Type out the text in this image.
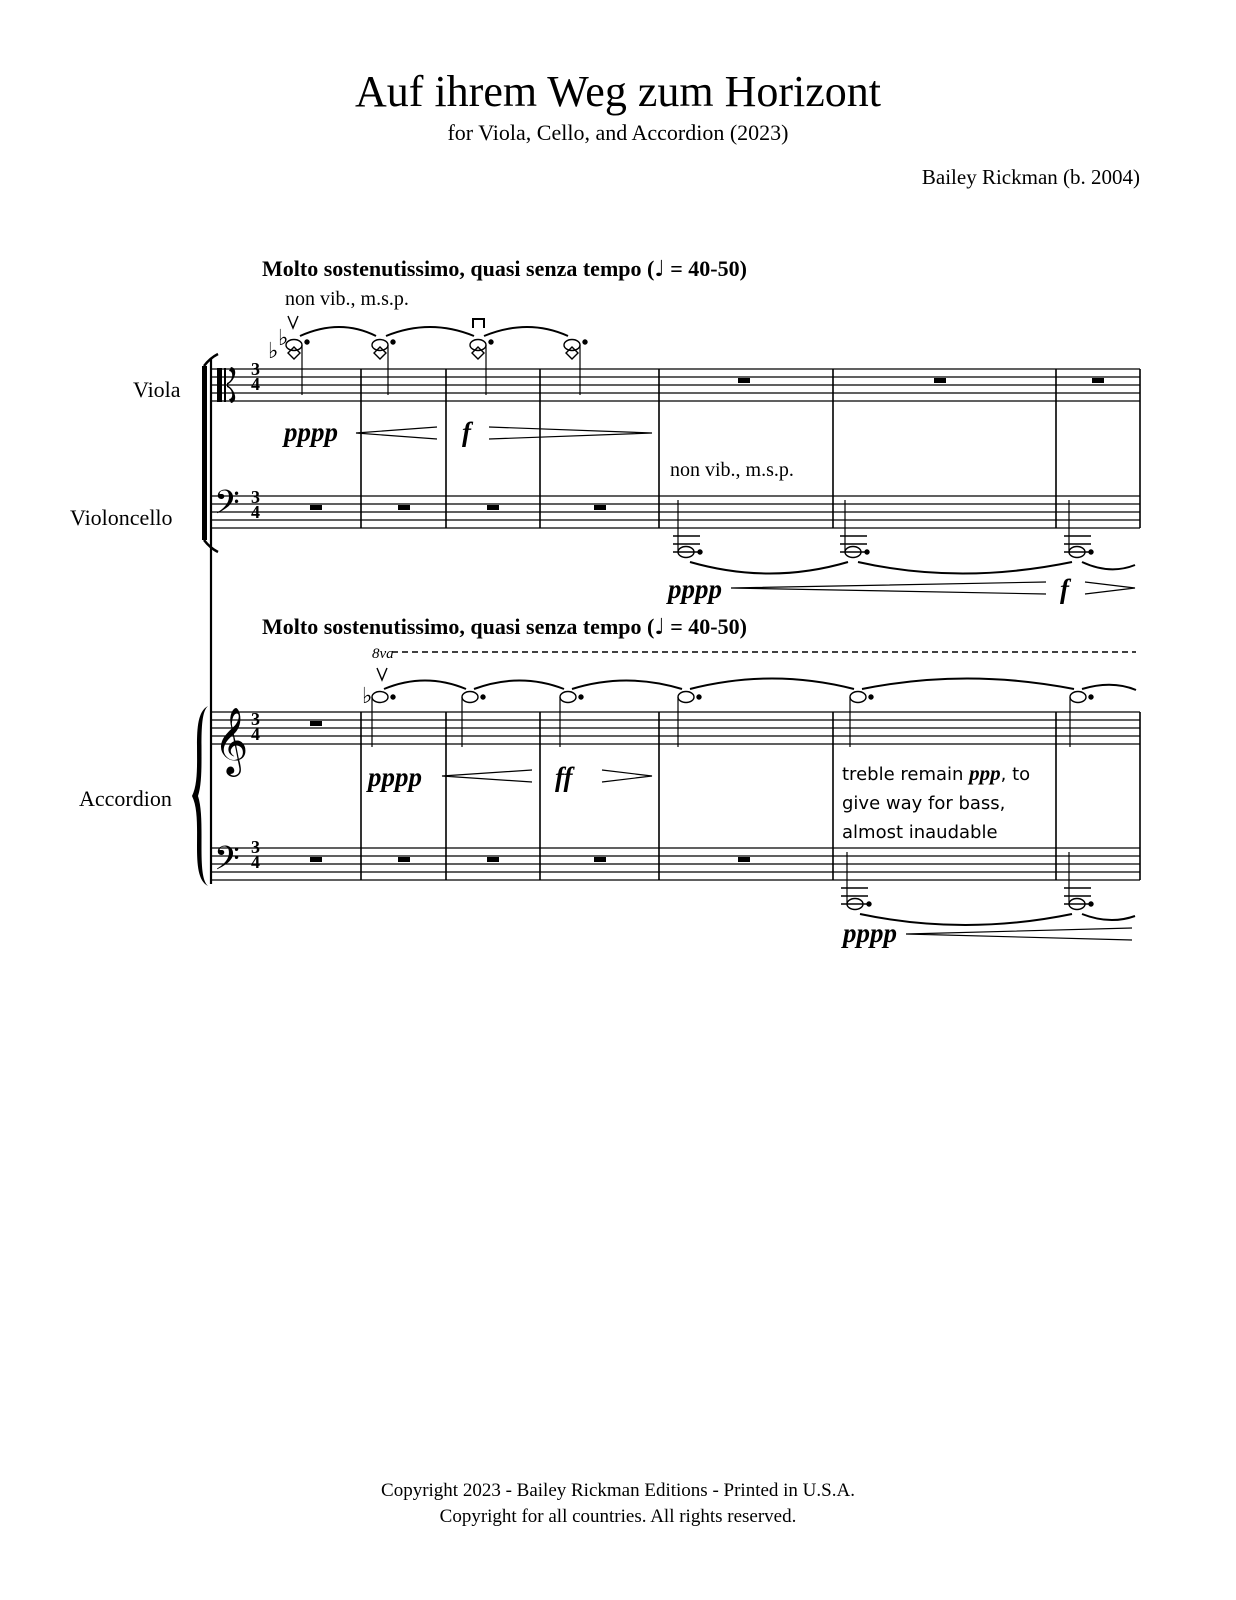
Auf ihrem Weg zum Horizont
for Viola, Cello, and Accordion (2023)
Bailey Rickman (b. 2004)
Molto sostenutissimo, quasi senza tempo (♩ = 40-50)
Molto sostenutissimo, quasi senza tempo (♩ = 40-50)
non vib., m.s.p.
non vib., m.s.p.
Viola
Violoncello
Accordion
pppp	f
pppp	f
pppp	ff
pppp
treble remain ppp, to
give way for bass,
almost inaudable
8va
3
4
3
4
3
4
3
4
𝄢
𝄞
𝄢
♭
♭
♭
Copyright 2023 - Bailey Rickman Editions - Printed in U.S.A.
Copyright for all countries. All rights reserved.
